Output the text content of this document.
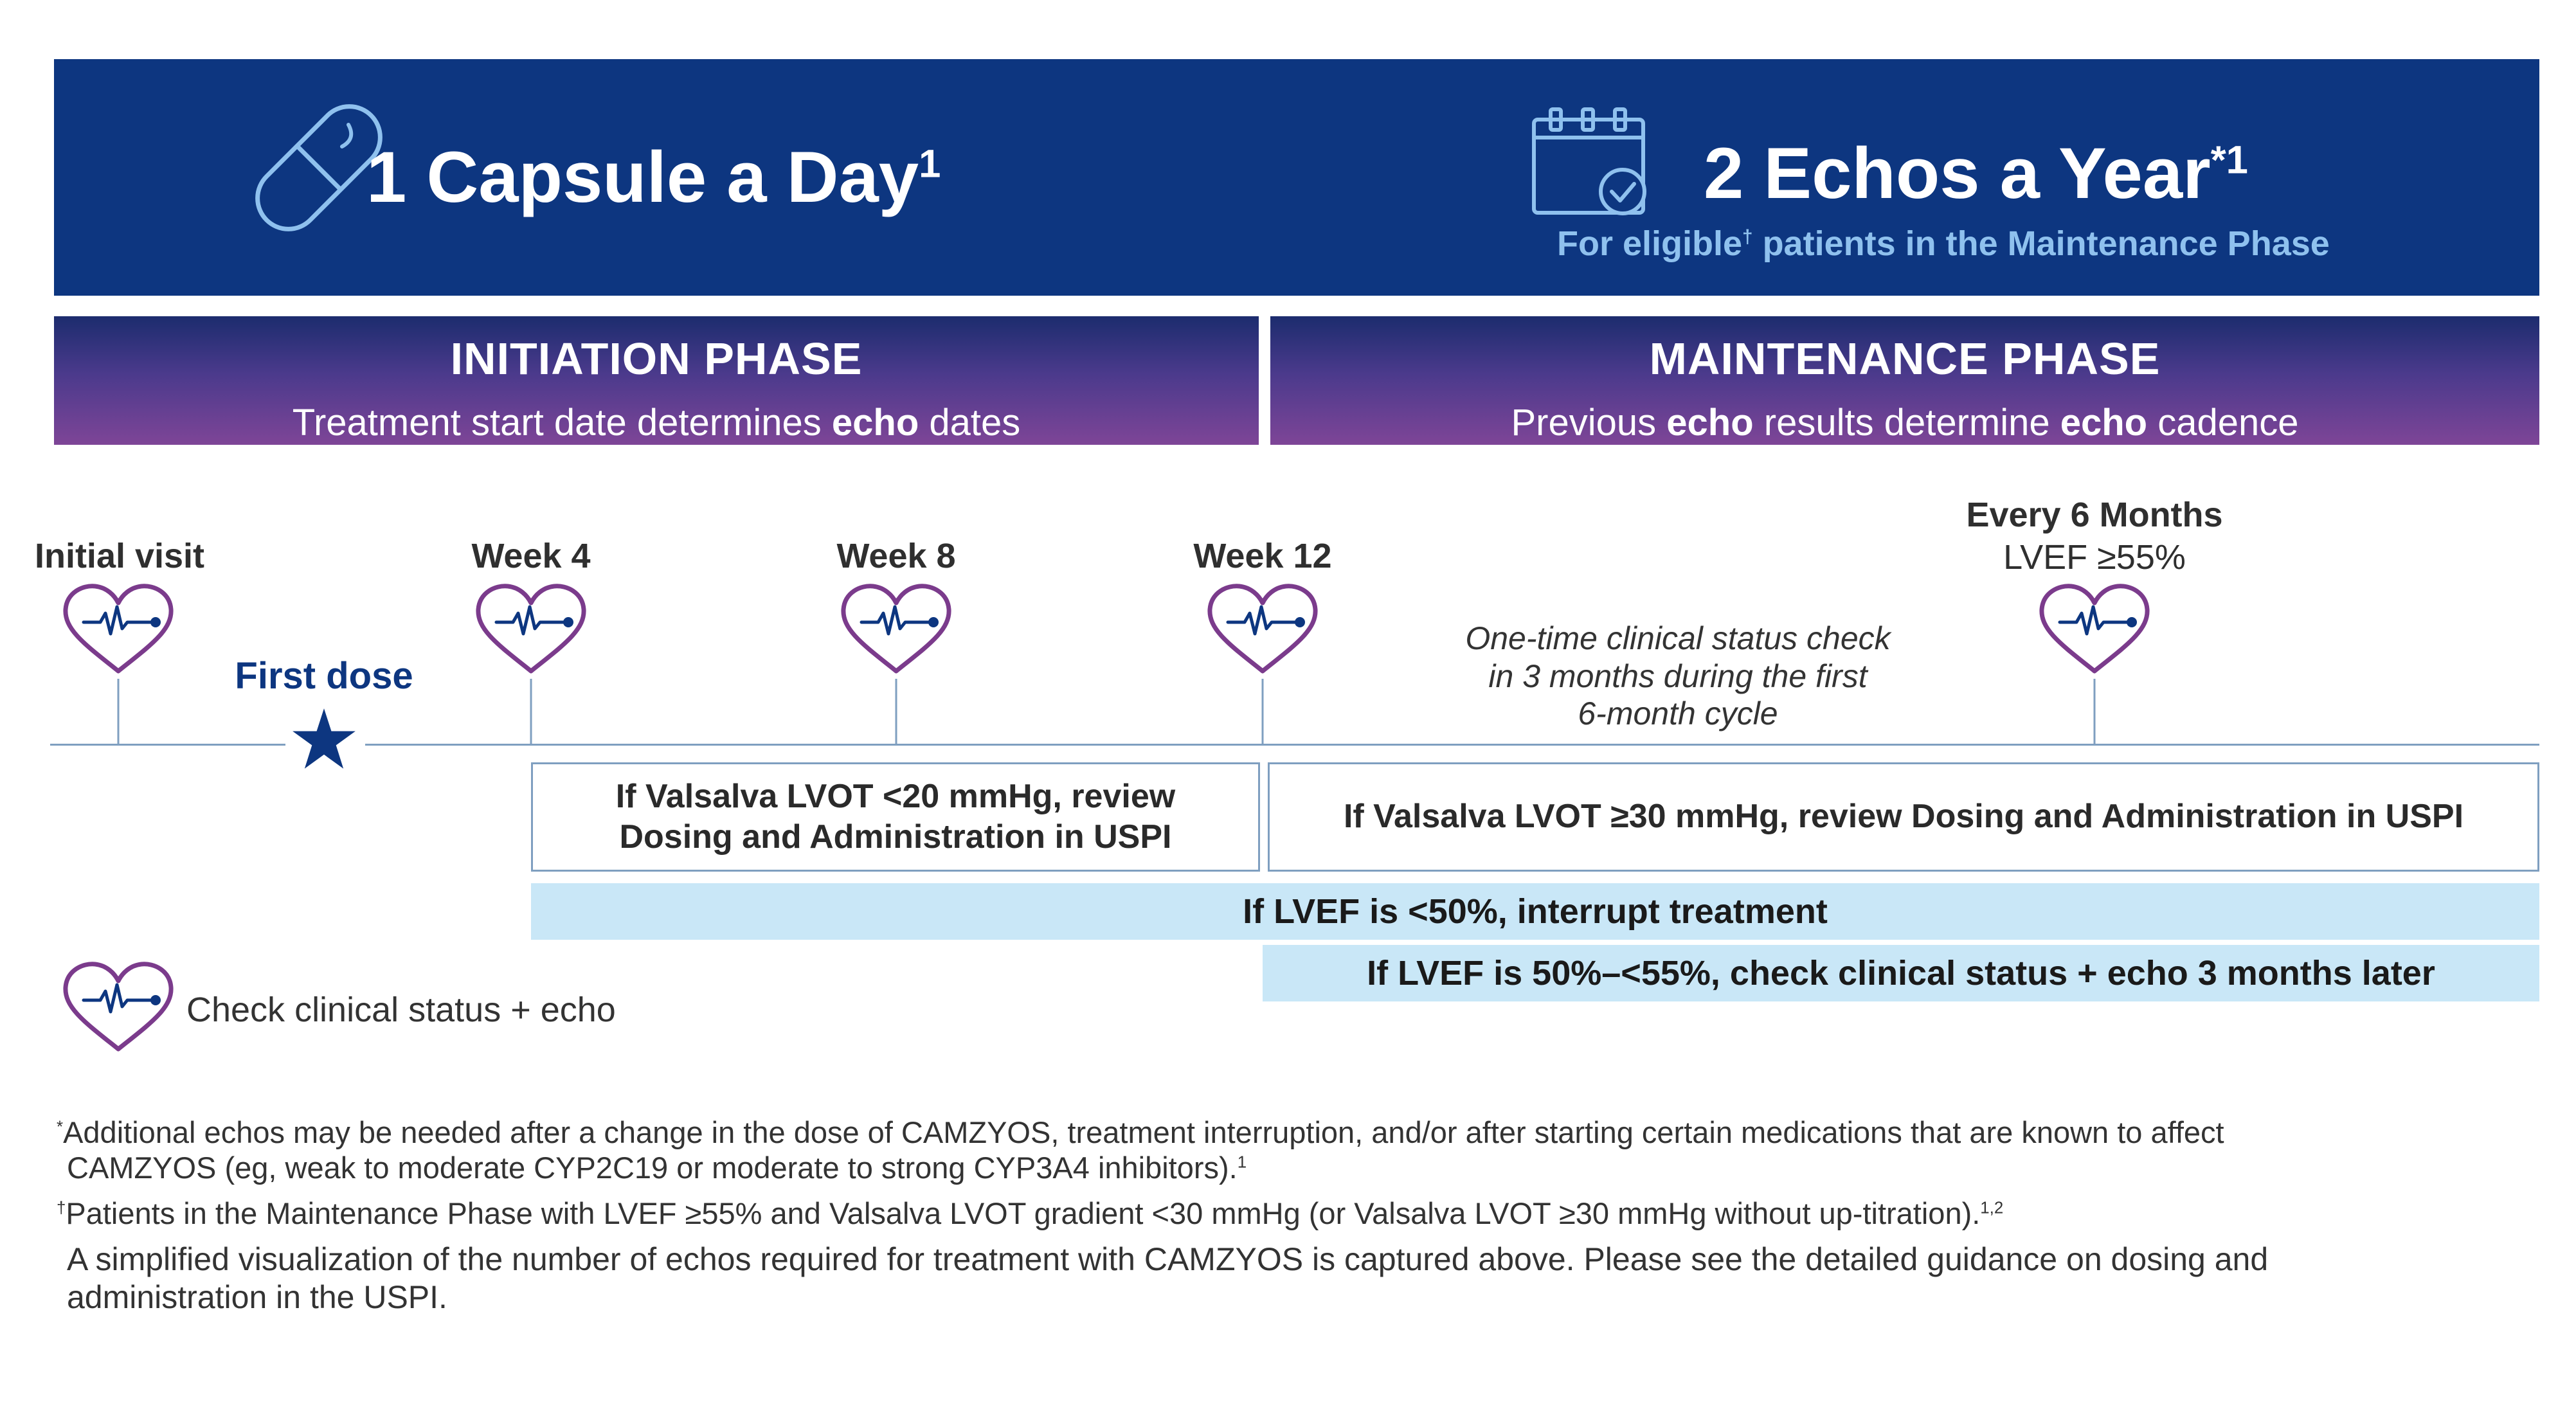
1 Capsule a Day$^1$	2 Echos a Year$^{*1}$
For eligible† patients in the Maintenance Phase
INITIATION PHASE
Treatment start date determines echo dates
MAINTENANCE PHASE
Previous echo results determine echo cadence
Initial visit	Week 4	Week 8	Week 12
Every 6 Months
LVEF ≥55%
First dose
One-time clinical status check
in 3 months during the first
6-month cycle
If Valsalva LVOT <20 mmHg, review
Dosing and Administration in USPI
If Valsalva LVOT ≥30 mmHg, review Dosing and Administration in USPI
If LVEF is <50%, interrupt treatment
If LVEF is 50%–<55%, check clinical status + echo 3 months later
Check clinical status + echo
*Additional echos may be needed after a change in the dose of CAMZYOS, treatment interruption, and/or after starting certain medications that are known to affect
CAMZYOS (eg, weak to moderate CYP2C19 or moderate to strong CYP3A4 inhibitors).$^1$
†Patients in the Maintenance Phase with LVEF ≥55% and Valsalva LVOT gradient <30 mmHg (or Valsalva LVOT ≥30 mmHg without up-titration).$^{1,2}$
A simplified visualization of the number of echos required for treatment with CAMZYOS is captured above. Please see the detailed guidance on dosing and
administration in the USPI.
